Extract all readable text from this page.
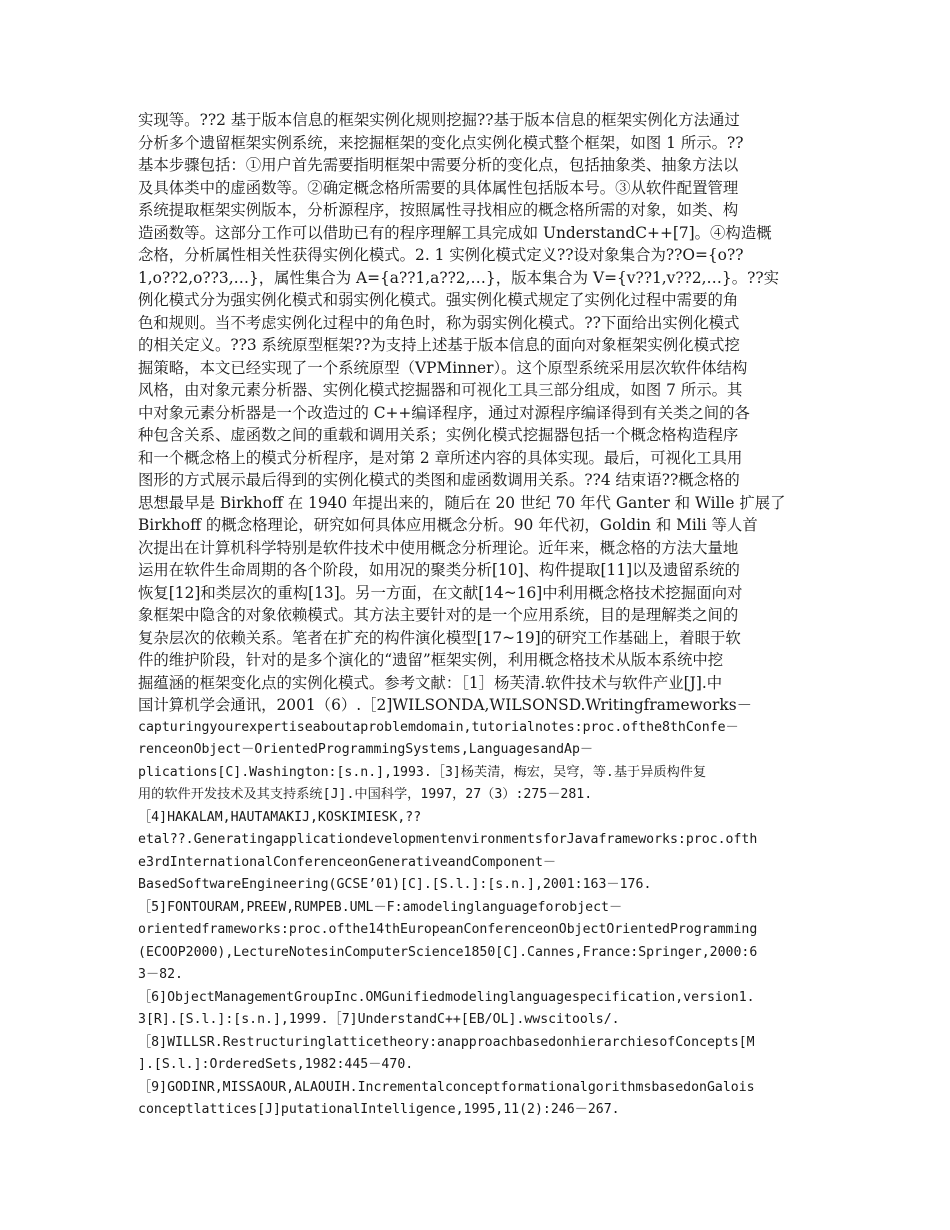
实现等。??2 基于版本信息的框架实例化规则挖掘??基于版本信息的框架实例化方法通过
分析多个遗留框架实例系统，来挖掘框架的变化点实例化模式整个框架，如图 1 所示。??
基本步骤包括：①用户首先需要指明框架中需要分析的变化点，包括抽象类、抽象方法以
及具体类中的虚函数等。②确定概念格所需要的具体属性包括版本号。③从软件配置管理
系统提取框架实例版本，分析源程序，按照属性寻找相应的概念格所需的对象，如类、构
造函数等。这部分工作可以借助已有的程序理解工具完成如 UnderstandC++[7]。④构造概
念格，分析属性相关性获得实例化模式。2. 1 实例化模式定义??设对象集合为??O={o??
1,o??2,o??3,…}，属性集合为 A={a??1,a??2,…}，版本集合为 V={v??1,v??2,…}。??实
例化模式分为强实例化模式和弱实例化模式。强实例化模式规定了实例化过程中需要的角
色和规则。当不考虑实例化过程中的角色时，称为弱实例化模式。??下面给出实例化模式
的相关定义。??3 系统原型框架??为支持上述基于版本信息的面向对象框架实例化模式挖
掘策略，本文已经实现了一个系统原型（VPMinner）。这个原型系统采用层次软件体结构
风格，由对象元素分析器、实例化模式挖掘器和可视化工具三部分组成，如图 7 所示。其
中对象元素分析器是一个改造过的 C++编译程序，通过对源程序编译得到有关类之间的各
种包含关系、虚函数之间的重载和调用关系；实例化模式挖掘器包括一个概念格构造程序
和一个概念格上的模式分析程序，是对第 2 章所述内容的具体实现。最后，可视化工具用
图形的方式展示最后得到的实例化模式的类图和虚函数调用关系。??4 结束语??概念格的
思想最早是 Birkhoff 在 1940 年提出来的，随后在 20 世纪 70 年代 Ganter 和 Wille 扩展了
Birkhoff 的概念格理论，研究如何具体应用概念分析。90 年代初，Goldin 和 Mili 等人首
次提出在计算机科学特别是软件技术中使用概念分析理论。近年来，概念格的方法大量地
运用在软件生命周期的各个阶段，如用况的聚类分析[10]、构件提取[11]以及遗留系统的
恢复[12]和类层次的重构[13]。另一方面，在文献[14~16]中利用概念格技术挖掘面向对
象框架中隐含的对象依赖模式。其方法主要针对的是一个应用系统，目的是理解类之间的
复杂层次的依赖关系。笔者在扩充的构件演化模型[17~19]的研究工作基础上，着眼于软
件的维护阶段，针对的是多个演化的“遗留”框架实例，利用概念格技术从版本系统中挖
掘蕴涵的框架变化点的实例化模式。参考文献：［1］杨芙清.软件技术与软件产业[J].中
国计算机学会通讯，2001（6）.［2]WILSONDA,WILSONSD.Writingframeworks－
capturingyourexpertiseaboutaproblemdomain,tutorialnotes:proc.ofthe8thConfe－
renceonObject－OrientedProgrammingSystems,LanguagesandAp－
plications[C].Washington:[s.n.],1993.［3]杨芙清，梅宏，吴穹，等.基于异质构件复
用的软件开发技术及其支持系统[J].中国科学，1997，27（3）:275－281.
［4]HAKALAM,HAUTAMAKIJ,KOSKIMIESK,??
etal??.GeneratingapplicationdevelopmentenvironmentsforJavaframeworks:proc.ofth
e3rdInternationalConferenceonGenerativeandComponent－
BasedSoftwareEngineering(GCSE’01)[C].[S.l.]:[s.n.],2001:163－176.
［5]FONTOURAM,PREEW,RUMPEB.UML－F:amodelinglanguageforobject－
orientedframeworks:proc.ofthe14thEuropeanConferenceonObjectOrientedProgramming
(ECOOP2000),LectureNotesinComputerScience1850[C].Cannes,France:Springer,2000:6
3－82.
［6]ObjectManagementGroupInc.OMGunifiedmodelinglanguagespecification,version1.
3[R].[S.l.]:[s.n.],1999.［7]UnderstandC++[EB/OL].wwscitools/.
［8]WILLSR.Restructuringlatticetheory:anapproachbasedonhierarchiesofConcepts[M
].[S.l.]:OrderedSets,1982:445－470.
［9]GODINR,MISSAOUR,ALAOUIH.IncrementalconceptformationalgorithmsbasedonGalois
conceptlattices[J]putationalIntelligence,1995,11(2):246－267.
